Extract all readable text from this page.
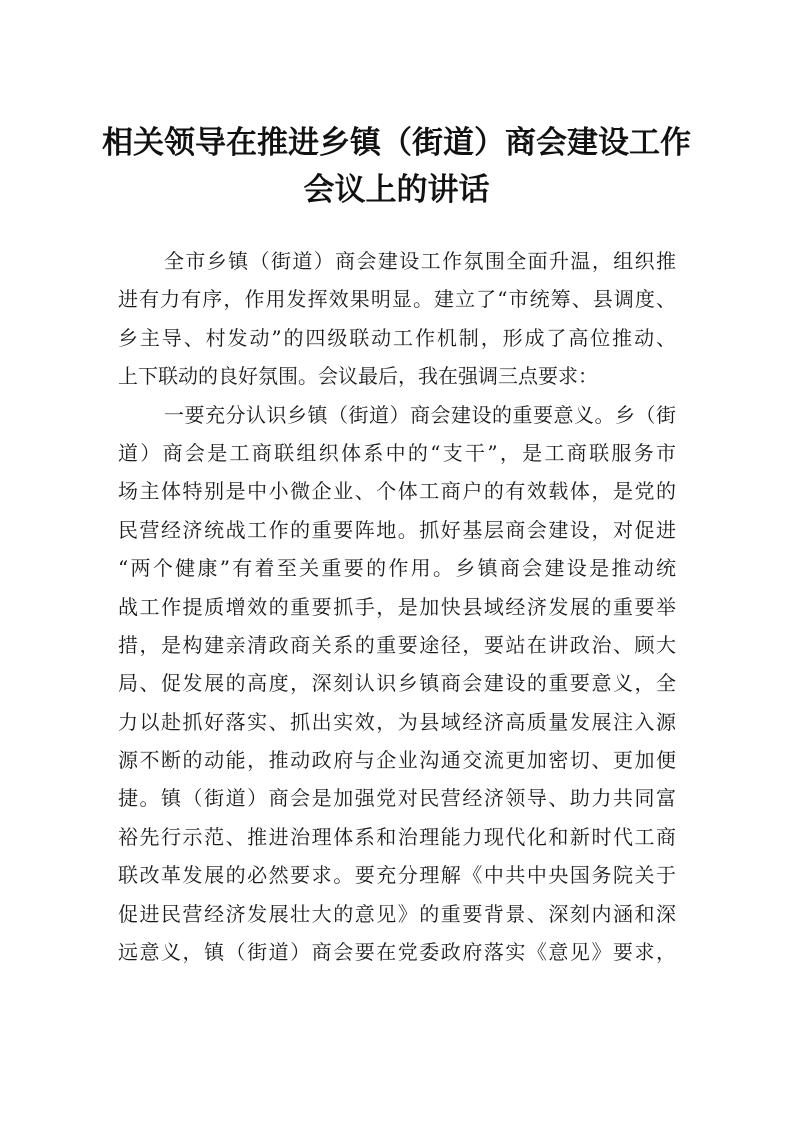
相关领导在推进乡镇（街道）商会建设工作
会议上的讲话
全市乡镇（街道）商会建设工作氛围全面升温，组织推
进有力有序，作用发挥效果明显。建立了“市统筹、县调度、
乡主导、村发动”的四级联动工作机制，形成了高位推动、
上下联动的良好氛围。会议最后，我在强调三点要求：
一要充分认识乡镇（街道）商会建设的重要意义。乡（街
道）商会是工商联组织体系中的“支干”，是工商联服务市
场主体特别是中小微企业、个体工商户的有效载体，是党的
民营经济统战工作的重要阵地。抓好基层商会建设，对促进
“两个健康”有着至关重要的作用。乡镇商会建设是推动统
战工作提质增效的重要抓手，是加快县域经济发展的重要举
措，是构建亲清政商关系的重要途径，要站在讲政治、顾大
局、促发展的高度，深刻认识乡镇商会建设的重要意义，全
力以赴抓好落实、抓出实效，为县域经济高质量发展注入源
源不断的动能，推动政府与企业沟通交流更加密切、更加便
捷。镇（街道）商会是加强党对民营经济领导、助力共同富
裕先行示范、推进治理体系和治理能力现代化和新时代工商
联改革发展的必然要求。要充分理解《中共中央国务院关于
促进民营经济发展壮大的意见》的重要背景、深刻内涵和深
远意义，镇（街道）商会要在党委政府落实《意见》要求，
